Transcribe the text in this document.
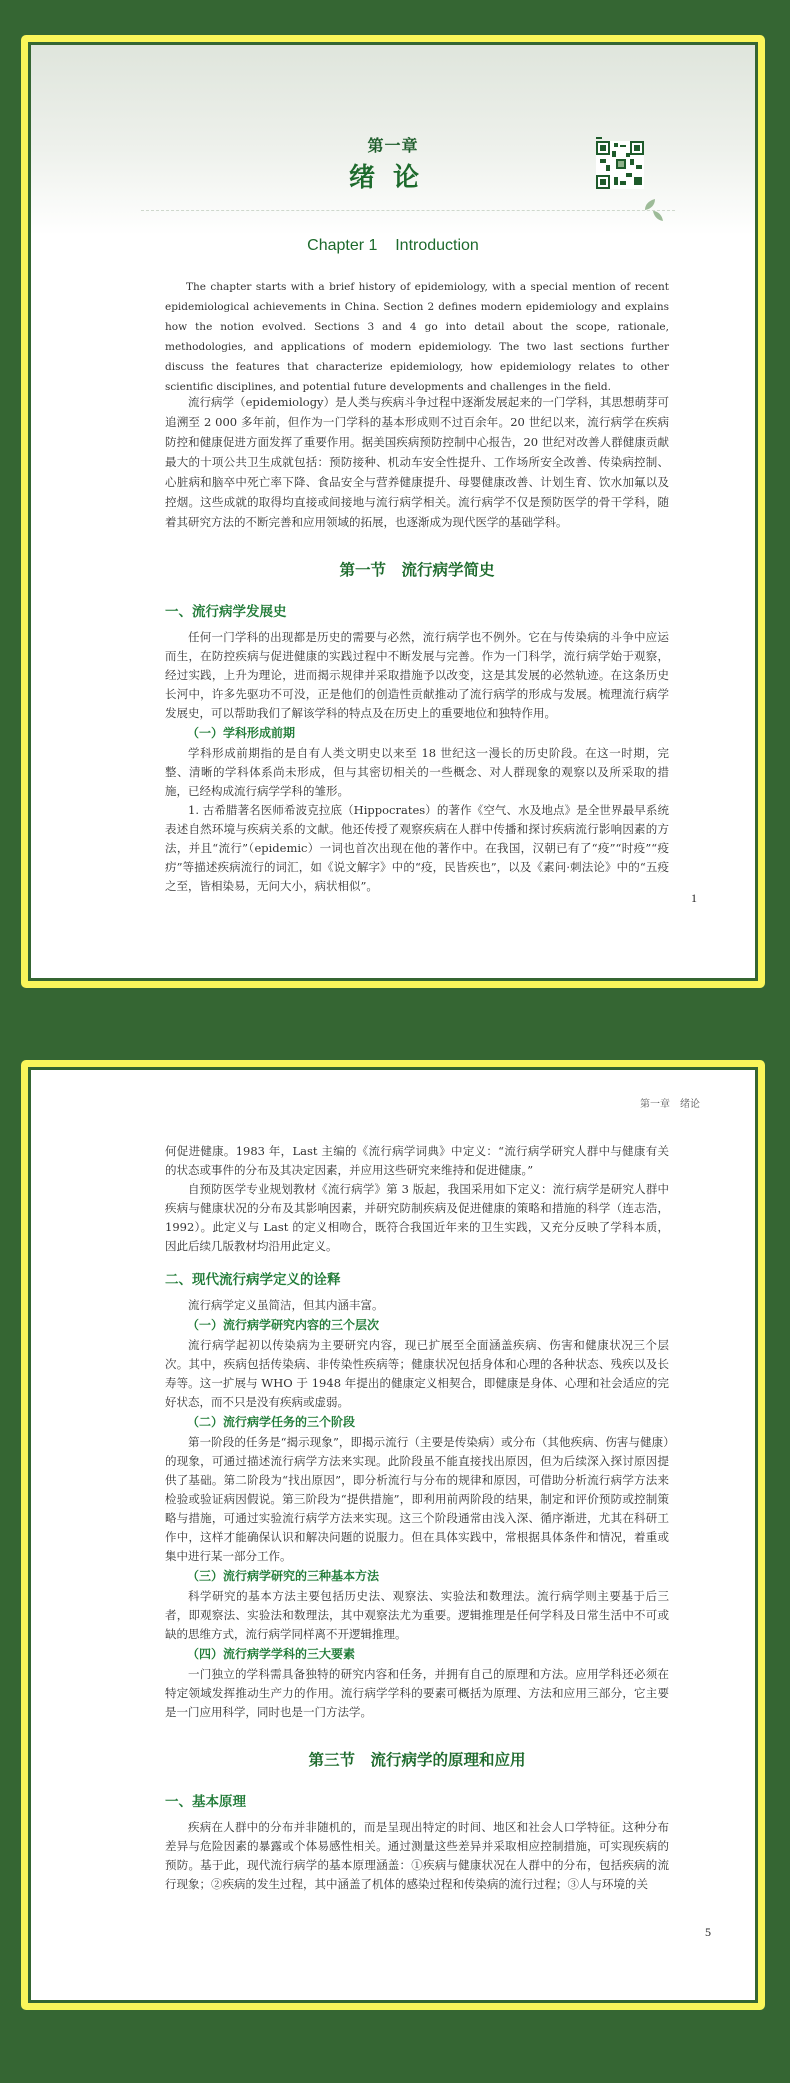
第一章
绪论
Chapter 1    Introduction

The chapter starts with a brief history of epidemiology, with a special mention of recent epidemiological achievements in China. Section 2 defines modern epidemiology and explains how the notion evolved. Sections 3 and 4 go into detail about the scope, rationale, methodologies, and applications of modern epidemiology. The two last sections further discuss the features that characterize epidemiology, how epidemiology relates to other scientific disciplines, and potential future developments and challenges in the field.

流行病学（epidemiology）是人类与疾病斗争过程中逐渐发展起来的一门学科，其思想萌芽可追溯至 2 000 多年前，但作为一门学科的基本形成则不过百余年。20 世纪以来，流行病学在疾病防控和健康促进方面发挥了重要作用。据美国疾病预防控制中心报告，20 世纪对改善人群健康贡献最大的十项公共卫生成就包括：预防接种、机动车安全性提升、工作场所安全改善、传染病控制、心脏病和脑卒中死亡率下降、食品安全与营养健康提升、母婴健康改善、计划生育、饮水加氟以及控烟。这些成就的取得均直接或间接地与流行病学相关。流行病学不仅是预防医学的骨干学科，随着其研究方法的不断完善和应用领域的拓展，也逐渐成为现代医学的基础学科。

第一节　流行病学简史
一、流行病学发展史

任何一门学科的出现都是历史的需要与必然，流行病学也不例外。它在与传染病的斗争中应运而生，在防控疾病与促进健康的实践过程中不断发展与完善。作为一门科学，流行病学始于观察，经过实践，上升为理论，进而揭示规律并采取措施予以改变，这是其发展的必然轨迹。在这条历史长河中，许多先驱功不可没，正是他们的创造性贡献推动了流行病学的形成与发展。梳理流行病学发展史，可以帮助我们了解该学科的特点及在历史上的重要地位和独特作用。

（一）学科形成前期

学科形成前期指的是自有人类文明史以来至 18 世纪这一漫长的历史阶段。在这一时期，完整、清晰的学科体系尚未形成，但与其密切相关的一些概念、对人群现象的观察以及所采取的措施，已经构成流行病学学科的雏形。

1. 古希腊著名医师希波克拉底（Hippocrates）的著作《空气、水及地点》是全世界最早系统表述自然环境与疾病关系的文献。他还传授了观察疾病在人群中传播和探讨疾病流行影响因素的方法，并且“流行”（epidemic）一词也首次出现在他的著作中。在我国，汉朝已有了“疫”“时疫”“疫疠”等描述疾病流行的词汇，如《说文解字》中的“疫，民皆疾也”，以及《素问·刺法论》中的“五疫之至，皆相染易，无问大小，病状相似”。

1
第一章　绪论

何促进健康。1983 年，Last 主编的《流行病学词典》中定义：“流行病学研究人群中与健康有关的状态或事件的分布及其决定因素，并应用这些研究来维持和促进健康。”

自预防医学专业规划教材《流行病学》第 3 版起，我国采用如下定义：流行病学是研究人群中疾病与健康状况的分布及其影响因素，并研究防制疾病及促进健康的策略和措施的科学（连志浩，1992）。此定义与 Last 的定义相吻合，既符合我国近年来的卫生实践，又充分反映了学科本质，因此后续几版教材均沿用此定义。

二、现代流行病学定义的诠释

流行病学定义虽简洁，但其内涵丰富。

（一）流行病学研究内容的三个层次

流行病学起初以传染病为主要研究内容，现已扩展至全面涵盖疾病、伤害和健康状况三个层次。其中，疾病包括传染病、非传染性疾病等；健康状况包括身体和心理的各种状态、残疾以及长寿等。这一扩展与 WHO 于 1948 年提出的健康定义相契合，即健康是身体、心理和社会适应的完好状态，而不只是没有疾病或虚弱。

（二）流行病学任务的三个阶段

第一阶段的任务是“揭示现象”，即揭示流行（主要是传染病）或分布（其他疾病、伤害与健康）的现象，可通过描述流行病学方法来实现。此阶段虽不能直接找出原因，但为后续深入探讨原因提供了基础。第二阶段为“找出原因”，即分析流行与分布的规律和原因，可借助分析流行病学方法来检验或验证病因假说。第三阶段为“提供措施”，即利用前两阶段的结果，制定和评价预防或控制策略与措施，可通过实验流行病学方法来实现。这三个阶段通常由浅入深、循序渐进，尤其在科研工作中，这样才能确保认识和解决问题的说服力。但在具体实践中，常根据具体条件和情况，着重或集中进行某一部分工作。

（三）流行病学研究的三种基本方法

科学研究的基本方法主要包括历史法、观察法、实验法和数理法。流行病学则主要基于后三者，即观察法、实验法和数理法，其中观察法尤为重要。逻辑推理是任何学科及日常生活中不可或缺的思维方式，流行病学同样离不开逻辑推理。

（四）流行病学学科的三大要素

一门独立的学科需具备独特的研究内容和任务，并拥有自己的原理和方法。应用学科还必须在特定领域发挥推动生产力的作用。流行病学学科的要素可概括为原理、方法和应用三部分，它主要是一门应用科学，同时也是一门方法学。

第三节　流行病学的原理和应用
一、基本原理

疾病在人群中的分布并非随机的，而是呈现出特定的时间、地区和社会人口学特征。这种分布差异与危险因素的暴露或个体易感性相关。通过测量这些差异并采取相应控制措施，可实现疾病的预防。基于此，现代流行病学的基本原理涵盖：①疾病与健康状况在人群中的分布，包括疾病的流行现象；②疾病的发生过程，其中涵盖了机体的感染过程和传染病的流行过程；③人与环境的关

5
